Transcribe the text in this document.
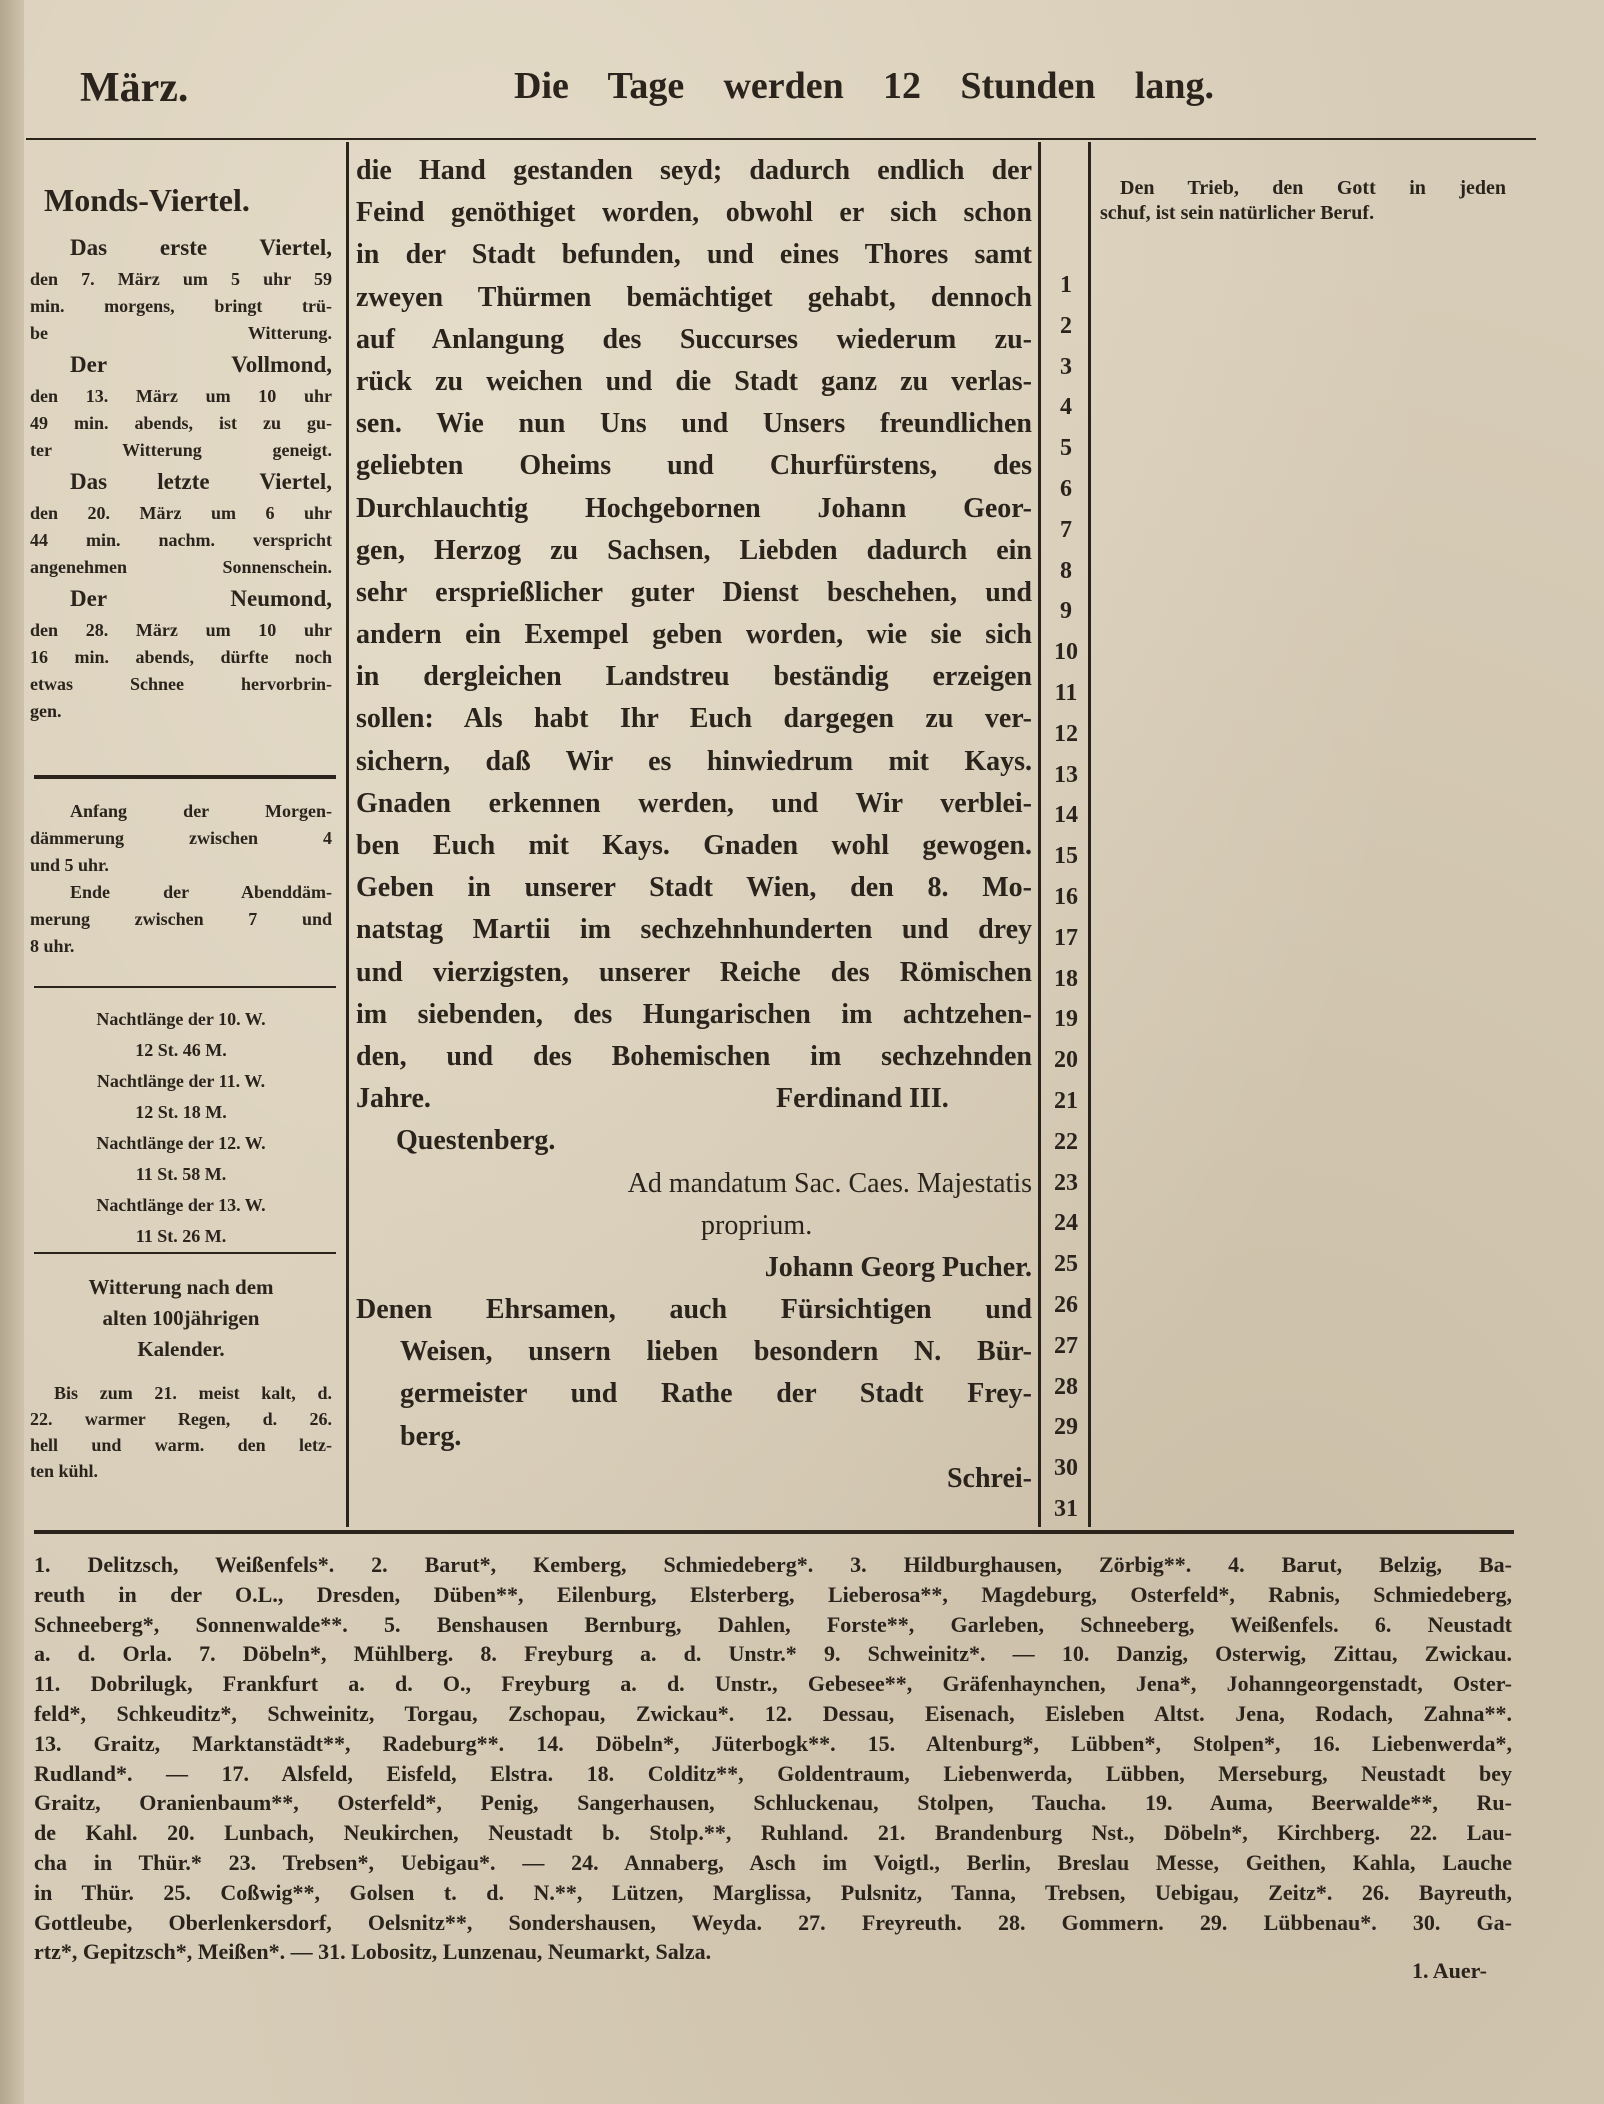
März.	Die Tage werden 12 Stunden lang.
Monds-Viertel.
Das erste Viertel,
den 7. März um 5 uhr 59
min. morgens, bringt trü-
be Witterung.
Der Vollmond,
den 13. März um 10 uhr
49 min. abends, ist zu gu-
ter Witterung geneigt.
Das letzte Viertel,
den 20. März um 6 uhr
44 min. nachm. verspricht
angenehmen Sonnenschein.
Der Neumond,
den 28. März um 10 uhr
16 min. abends, dürfte noch
etwas Schnee hervorbrin-
gen.
Anfang der Morgen-
dämmerung zwischen 4
und 5 uhr.
Ende der Abenddäm-
merung zwischen 7 und
8 uhr.
Nachtlänge der 10. W.
12 St. 46 M.
Nachtlänge der 11. W.
12 St. 18 M.
Nachtlänge der 12. W.
11 St. 58 M.
Nachtlänge der 13. W.
11 St. 26 M.
Witterung nach dem
alten 100jährigen
Kalender.
Bis zum 21. meist kalt, d.
22. warmer Regen, d. 26.
hell und warm. den letz-
ten kühl.
die Hand gestanden seyd; dadurch endlich der
Feind genöthiget worden, obwohl er sich schon
in der Stadt befunden, und eines Thores samt
zweyen Thürmen bemächtiget gehabt, dennoch
auf Anlangung des Succurses wiederum zu-
rück zu weichen und die Stadt ganz zu verlas-
sen. Wie nun Uns und Unsers freundlichen
geliebten Oheims und Churfürstens, des
Durchlauchtig Hochgebornen Johann Geor-
gen, Herzog zu Sachsen, Liebden dadurch ein
sehr ersprießlicher guter Dienst beschehen, und
andern ein Exempel geben worden, wie sie sich
in dergleichen Landstreu beständig erzeigen
sollen: Als habt Ihr Euch dargegen zu ver-
sichern, daß Wir es hinwiedrum mit Kays.
Gnaden erkennen werden, und Wir verblei-
ben Euch mit Kays. Gnaden wohl gewogen.
Geben in unserer Stadt Wien, den 8. Mo-
natstag Martii im sechzehnhunderten und drey
und vierzigsten, unserer Reiche des Römischen
im siebenden, des Hungarischen im achtzehen-
den, und des Bohemischen im sechzehnden
Jahre.	Ferdinand III.
Questenberg.
Ad mandatum Sac. Caes. Majestatis
proprium.
Johann Georg Pucher.
Denen Ehrsamen, auch Fürsichtigen und
Weisen, unsern lieben besondern N. Bür-
germeister und Rathe der Stadt Frey-
berg.
Schrei-
1
2
3
4
5
6
7
8
9
10
11
12
13
14
15
16
17
18
19
20
21
22
23
24
25
26
27
28
29
30
31
Den Trieb, den Gott in jeden
schuf, ist sein natürlicher Beruf.
1. Delitzsch, Weißenfels*. 2. Barut*, Kemberg, Schmiedeberg*. 3. Hildburghausen, Zörbig**. 4. Barut, Belzig, Ba-
reuth in der O.L., Dresden, Düben**, Eilenburg, Elsterberg, Lieberosa**, Magdeburg, Osterfeld*, Rabnis, Schmiedeberg,
Schneeberg*, Sonnenwalde**. 5. Benshausen Bernburg, Dahlen, Forste**, Garleben, Schneeberg, Weißenfels. 6. Neustadt
a. d. Orla. 7. Döbeln*, Mühlberg. 8. Freyburg a. d. Unstr.* 9. Schweinitz*. — 10. Danzig, Osterwig, Zittau, Zwickau.
11. Dobrilugk, Frankfurt a. d. O., Freyburg a. d. Unstr., Gebesee**, Gräfenhaynchen, Jena*, Johanngeorgenstadt, Oster-
feld*, Schkeuditz*, Schweinitz, Torgau, Zschopau, Zwickau*. 12. Dessau, Eisenach, Eisleben Altst. Jena, Rodach, Zahna**.
13. Graitz, Marktanstädt**, Radeburg**. 14. Döbeln*, Jüterbogk**. 15. Altenburg*, Lübben*, Stolpen*, 16. Liebenwerda*,
Rudland*. — 17. Alsfeld, Eisfeld, Elstra. 18. Colditz**, Goldentraum, Liebenwerda, Lübben, Merseburg, Neustadt bey
Graitz, Oranienbaum**, Osterfeld*, Penig, Sangerhausen, Schluckenau, Stolpen, Taucha. 19. Auma, Beerwalde**, Ru-
de Kahl. 20. Lunbach, Neukirchen, Neustadt b. Stolp.**, Ruhland. 21. Brandenburg Nst., Döbeln*, Kirchberg. 22. Lau-
cha in Thür.* 23. Trebsen*, Uebigau*. — 24. Annaberg, Asch im Voigtl., Berlin, Breslau Messe, Geithen, Kahla, Lauche
in Thür. 25. Coßwig**, Golsen t. d. N.**, Lützen, Marglissa, Pulsnitz, Tanna, Trebsen, Uebigau, Zeitz*. 26. Bayreuth,
Gottleube, Oberlenkersdorf, Oelsnitz**, Sondershausen, Weyda. 27. Freyreuth. 28. Gommern. 29. Lübbenau*. 30. Ga-
rtz*, Gepitzsch*, Meißen*. — 31. Lobositz, Lunzenau, Neumarkt, Salza.
1. Auer-
